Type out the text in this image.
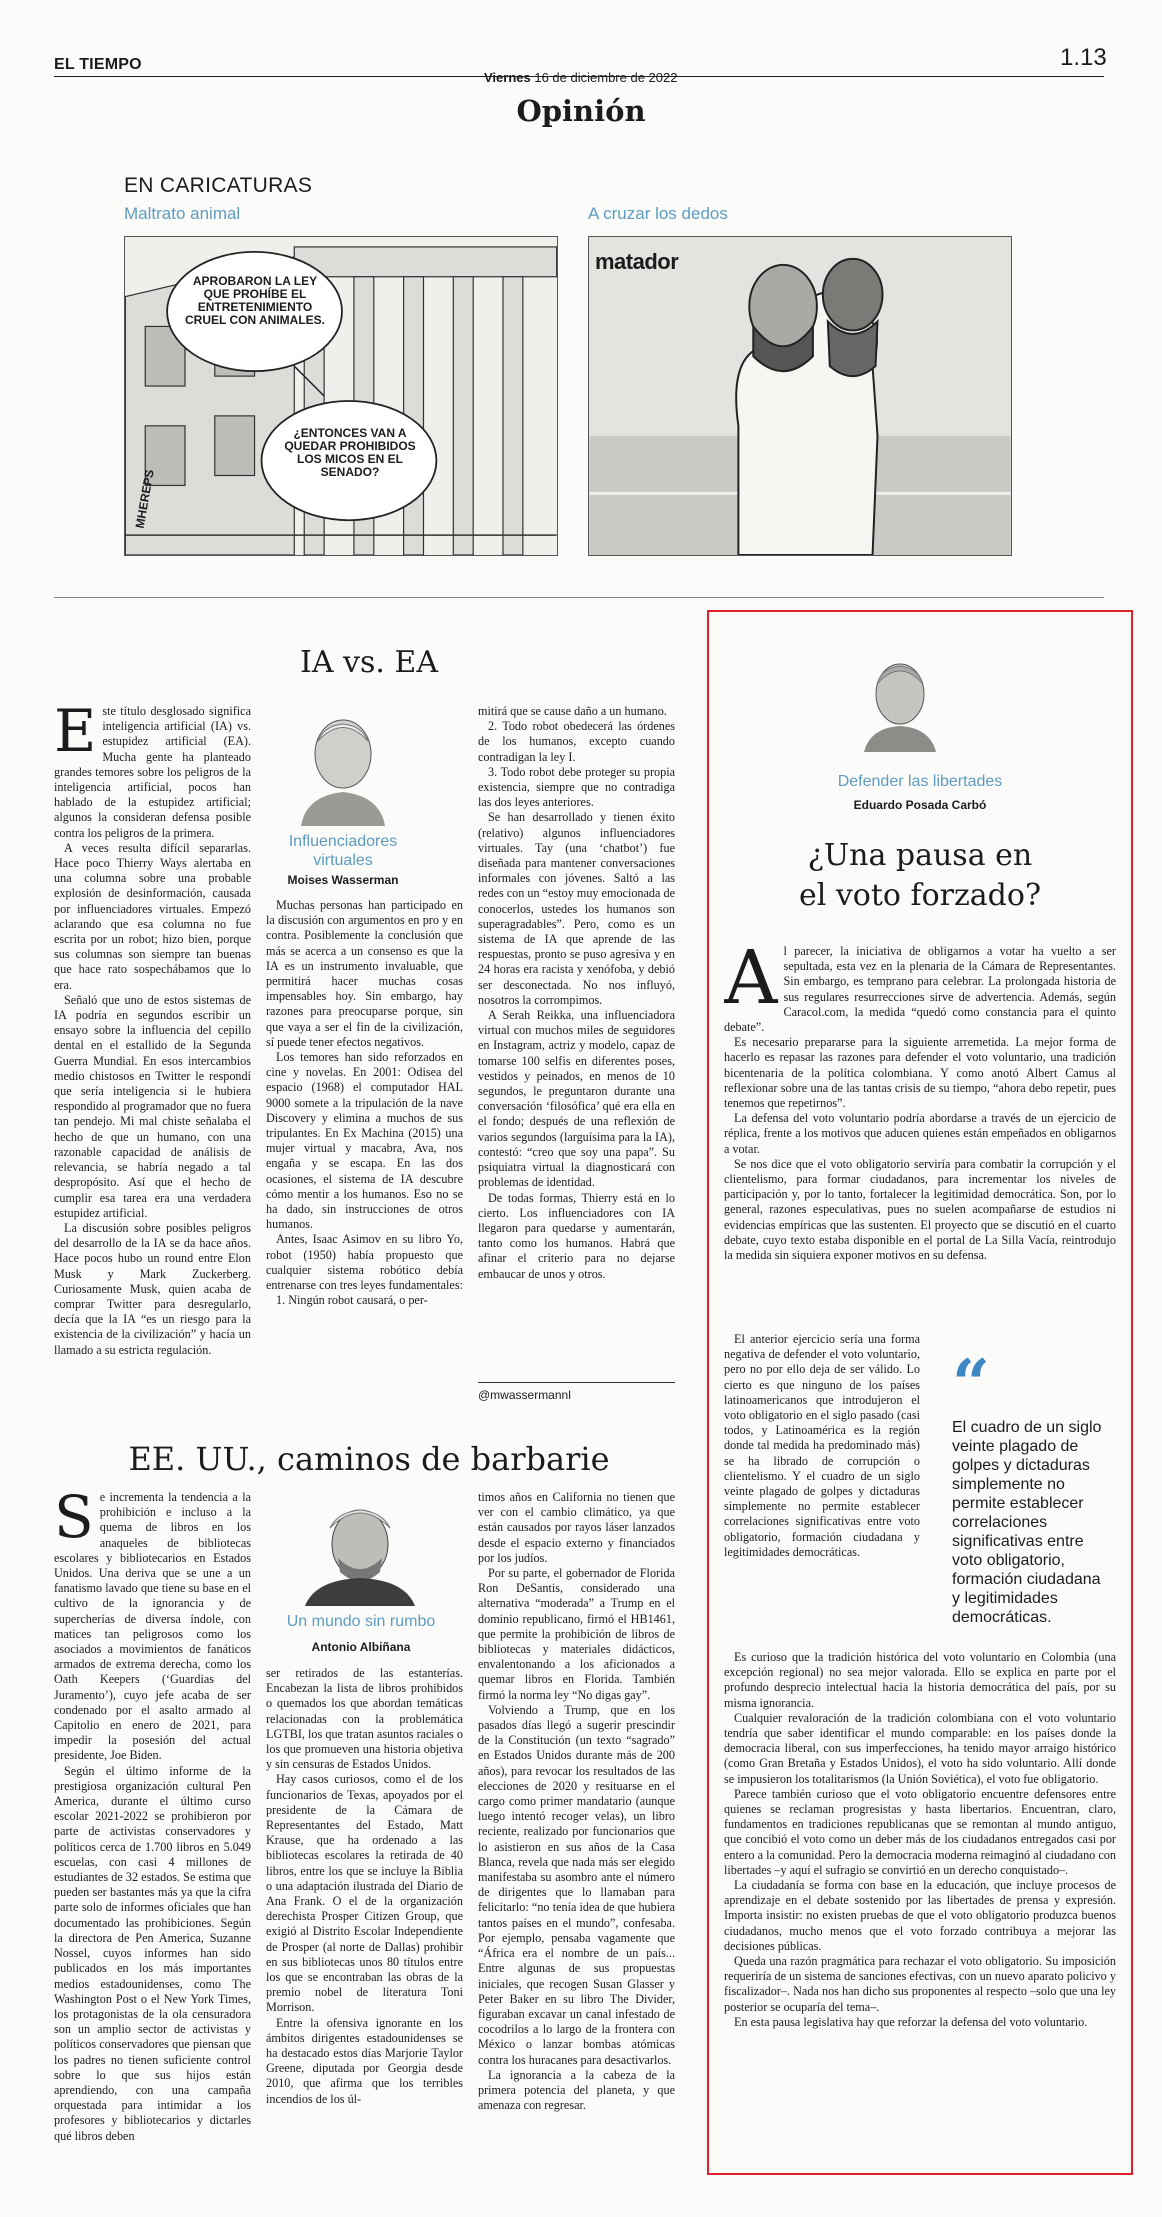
EL TIEMPO	1.13
Viernes 16 de diciembre de 2022
Opinión
EN CARICATURAS
Maltrato animal	A cruzar los dedos
APROBARON LA LEY QUE PROHÍBE EL ENTRETENIMIENTO CRUEL CON ANIMALES.
¿ENTONCES VAN A QUEDAR PROHIBIDOS LOS MICOS EN EL SENADO?
MHEREPS
matador
IA vs. EA
Influenciadores virtuales
Moises Wasserman
E ste título desglosado significa inteligencia artificial (IA) vs. estupidez artificial (EA). Mucha gente ha planteado grandes temores sobre los peligros de la inteligencia artificial, pocos han hablado de la estupidez artificial; algunos la consideran defensa posible contra los peligros de la primera.

A veces resulta difícil separarlas. Hace poco Thierry Ways alertaba en una columna sobre una probable explosión de desinformación, causada por influenciadores virtuales. Empezó aclarando que esa columna no fue escrita por un robot; hizo bien, porque sus columnas son siempre tan buenas que hace rato sospechábamos que lo era.

Señaló que uno de estos sistemas de IA podría en segundos escribir un ensayo sobre la influencia del cepillo dental en el estallido de la Segunda Guerra Mundial. En esos intercambios medio chistosos en Twitter le respondí que sería inteligencia si le hubiera respondido al programador que no fuera tan pendejo. Mi mal chiste señalaba el hecho de que un humano, con una razonable capacidad de análisis de relevancia, se habría negado a tal despropósito. Así que el hecho de cumplir esa tarea era una verdadera estupidez artificial.

La discusión sobre posibles peligros del desarrollo de la IA se da hace años. Hace pocos hubo un round entre Elon Musk y Mark Zuckerberg. Curiosamente Musk, quien acaba de comprar Twitter para desregularlo, decía que la IA “es un riesgo para la existencia de la civilización” y hacía un llamado a su estricta regulación.

Muchas personas han participado en la discusión con argumentos en pro y en contra. Posiblemente la conclusión que más se acerca a un consenso es que la IA es un instrumento invaluable, que permitirá hacer muchas cosas impensables hoy. Sin embargo, hay razones para preocuparse porque, sin que vaya a ser el fin de la civilización, sí puede tener efectos negativos.

Los temores han sido reforzados en cine y novelas. En 2001: Odisea del espacio (1968) el computador HAL 9000 somete a la tripulación de la nave Discovery y elimina a muchos de sus tripulantes. En Ex Machina (2015) una mujer virtual y macabra, Ava, nos engaña y se escapa. En las dos ocasiones, el sistema de IA descubre cómo mentir a los humanos. Eso no se ha dado, sin instrucciones de otros humanos.

Antes, Isaac Asimov en su libro Yo, robot (1950) había propuesto que cualquier sistema robótico debía entrenarse con tres leyes fundamentales:

1. Ningún robot causará, o per-

mitirá que se cause daño a un humano.

2. Todo robot obedecerá las órdenes de los humanos, excepto cuando contradigan la ley I.

3. Todo robot debe proteger su propia existencia, siempre que no contradiga las dos leyes anteriores.

Se han desarrollado y tienen éxito (relativo) algunos influenciadores virtuales. Tay (una ‘chatbot’) fue diseñada para mantener conversaciones informales con jóvenes. Saltó a las redes con un “estoy muy emocionada de conocerlos, ustedes los humanos son superagradables”. Pero, como es un sistema de IA que aprende de las respuestas, pronto se puso agresiva y en 24 horas era racista y xenófoba, y debió ser desconectada. No nos influyó, nosotros la corrompimos.

A Serah Reikka, una influenciadora virtual con muchos miles de seguidores en Instagram, actriz y modelo, capaz de tomarse 100 selfis en diferentes poses, vestidos y peinados, en menos de 10 segundos, le preguntaron durante una conversación ‘filosófica’ qué era ella en el fondo; después de una reflexión de varios segundos (larguísima para la IA), contestó: “creo que soy una papa”. Su psiquiatra virtual la diagnosticará con problemas de identidad.

De todas formas, Thierry está en lo cierto. Los influenciadores con IA llegaron para quedarse y aumentarán, tanto como los humanos. Habrá que afinar el criterio para no dejarse embaucar de unos y otros.

@mwassermannl
EE. UU., caminos de barbarie
Un mundo sin rumbo
Antonio Albiñana
S e incrementa la tendencia a la prohibición e incluso a la quema de libros en los anaqueles de bibliotecas escolares y bibliotecarios en Estados Unidos. Una deriva que se une a un fanatismo lavado que tiene su base en el cultivo de la ignorancia y de supercherías de diversa índole, con matices tan peligrosos como los asociados a movimientos de fanáticos armados de extrema derecha, como los Oath Keepers (‘Guardias del Juramento’), cuyo jefe acaba de ser condenado por el asalto armado al Capitolio en enero de 2021, para impedir la posesión del actual presidente, Joe Biden.

Según el último informe de la prestigiosa organización cultural Pen America, durante el último curso escolar 2021-2022 se prohibieron por parte de activistas conservadores y políticos cerca de 1.700 libros en 5.049 escuelas, con casi 4 millones de estudiantes de 32 estados. Se estima que pueden ser bastantes más ya que la cifra parte solo de informes oficiales que han documentado las prohibiciones. Según la directora de Pen America, Suzanne Nossel, cuyos informes han sido publicados en los más importantes medios estadounidenses, como The Washington Post o el New York Times, los protagonistas de la ola censuradora son un amplio sector de activistas y políticos conservadores que piensan que los padres no tienen suficiente control sobre lo que sus hijos están aprendiendo, con una campaña orquestada para intimidar a los profesores y bibliotecarios y dictarles qué libros deben

ser retirados de las estanterías. Encabezan la lista de libros prohibidos o quemados los que abordan temáticas relacionadas con la problemática LGTBI, los que tratan asuntos raciales o los que promueven una historia objetiva y sin censuras de Estados Unidos.

Hay casos curiosos, como el de los funcionarios de Texas, apoyados por el presidente de la Cámara de Representantes del Estado, Matt Krause, que ha ordenado a las bibliotecas escolares la retirada de 40 libros, entre los que se incluye la Biblia o una adaptación ilustrada del Diario de Ana Frank. O el de la organización derechista Prosper Citizen Group, que exigió al Distrito Escolar Independiente de Prosper (al norte de Dallas) prohibir en sus bibliotecas unos 80 títulos entre los que se encontraban las obras de la premio nobel de literatura Toni Morrison.

Entre la ofensiva ignorante en los ámbitos dirigentes estadounidenses se ha destacado estos días Marjorie Taylor Greene, diputada por Georgia desde 2010, que afirma que los terribles incendios de los úl-

timos años en California no tienen que ver con el cambio climático, ya que están causados por rayos láser lanzados desde el espacio externo y financiados por los judíos.

Por su parte, el gobernador de Florida Ron DeSantis, considerado una alternativa “moderada” a Trump en el dominio republicano, firmó el HB1461, que permite la prohibición de libros de bibliotecas y materiales didácticos, envalentonando a los aficionados a quemar libros en Florida. También firmó la norma ley “No digas gay”.

Volviendo a Trump, que en los pasados días llegó a sugerir prescindir de la Constitución (un texto “sagrado” en Estados Unidos durante más de 200 años), para revocar los resultados de las elecciones de 2020 y resituarse en el cargo como primer mandatario (aunque luego intentó recoger velas), un libro reciente, realizado por funcionarios que lo asistieron en sus años de la Casa Blanca, revela que nada más ser elegido manifestaba su asombro ante el número de dirigentes que lo llamaban para felicitarlo: “no tenía idea de que hubiera tantos países en el mundo”, confesaba. Por ejemplo, pensaba vagamente que “África era el nombre de un país... Entre algunas de sus propuestas iniciales, que recogen Susan Glasser y Peter Baker en su libro The Divider, figuraban excavar un canal infestado de cocodrilos a lo largo de la frontera con México o lanzar bombas atómicas contra los huracanes para desactivarlos.

La ignorancia a la cabeza de la primera potencia del planeta, y que amenaza con regresar.

Defender las libertades
Eduardo Posada Carbó
¿Una pausa en
el voto forzado?
A l parecer, la iniciativa de obligarnos a votar ha vuelto a ser sepultada, esta vez en la plenaria de la Cámara de Representantes. Sin embargo, es temprano para celebrar. La prolongada historia de sus regulares resurrecciones sirve de advertencia. Además, según Caracol.com, la medida “quedó como constancia para el quinto debate”.

Es necesario prepararse para la siguiente arremetida. La mejor forma de hacerlo es repasar las razones para defender el voto voluntario, una tradición bicentenaria de la política colombiana. Y como anotó Albert Camus al reflexionar sobre una de las tantas crisis de su tiempo, “ahora debo repetir, pues tenemos que repetirnos”.

La defensa del voto voluntario podría abordarse a través de un ejercicio de réplica, frente a los motivos que aducen quienes están empeñados en obligarnos a votar.

Se nos dice que el voto obligatorio serviría para combatir la corrupción y el clientelismo, para formar ciudadanos, para incrementar los niveles de participación y, por lo tanto, fortalecer la legitimidad democrática. Son, por lo general, razones especulativas, pues no suelen acompañarse de estudios ni evidencias empíricas que las sustenten. El proyecto que se discutió en el cuarto debate, cuyo texto estaba disponible en el portal de La Silla Vacía, reintrodujo la medida sin siquiera exponer motivos en su defensa.

El anterior ejercicio sería una forma negativa de defender el voto voluntario, pero no por ello deja de ser válido. Lo cierto es que ninguno de los países latinoamericanos que introdujeron el voto obligatorio en el siglo pasado (casi todos, y Latinoamérica es la región donde tal medida ha predominado más) se ha librado de corrupción o clientelismo. Y el cuadro de un siglo veinte plagado de golpes y dictaduras simplemente no permite establecer correlaciones significativas entre voto obligatorio, formación ciudadana y legitimidades democráticas.

“
El cuadro de un siglo veinte plagado de golpes y dictaduras simplemente no permite establecer correlaciones significativas entre voto obligatorio, formación ciudadana y legitimidades democráticas.

Es curioso que la tradición histórica del voto voluntario en Colombia (una excepción regional) no sea mejor valorada. Ello se explica en parte por el profundo desprecio intelectual hacia la historia democrática del país, por su misma ignorancia.

Cualquier revaloración de la tradición colombiana con el voto voluntario tendría que saber identificar el mundo comparable: en los países donde la democracia liberal, con sus imperfecciones, ha tenido mayor arraigo histórico (como Gran Bretaña y Estados Unidos), el voto ha sido voluntario. Allí donde se impusieron los totalitarismos (la Unión Soviética), el voto fue obligatorio.

Parece también curioso que el voto obligatorio encuentre defensores entre quienes se reclaman progresistas y hasta libertarios. Encuentran, claro, fundamentos en tradiciones republicanas que se remontan al mundo antiguo, que concibió el voto como un deber más de los ciudadanos entregados casi por entero a la comunidad. Pero la democracia moderna reimaginó al ciudadano con libertades –y aquí el sufragio se convirtió en un derecho conquistado–.

La ciudadanía se forma con base en la educación, que incluye procesos de aprendizaje en el debate sostenido por las libertades de prensa y expresión. Importa insistir: no existen pruebas de que el voto obligatorio produzca buenos ciudadanos, mucho menos que el voto forzado contribuya a mejorar las decisiones públicas.

Queda una razón pragmática para rechazar el voto obligatorio. Su imposición requeriría de un sistema de sanciones efectivas, con un nuevo aparato policivo y fiscalizador–. Nada nos han dicho sus proponentes al respecto –solo que una ley posterior se ocuparía del tema–.

En esta pausa legislativa hay que reforzar la defensa del voto voluntario.
